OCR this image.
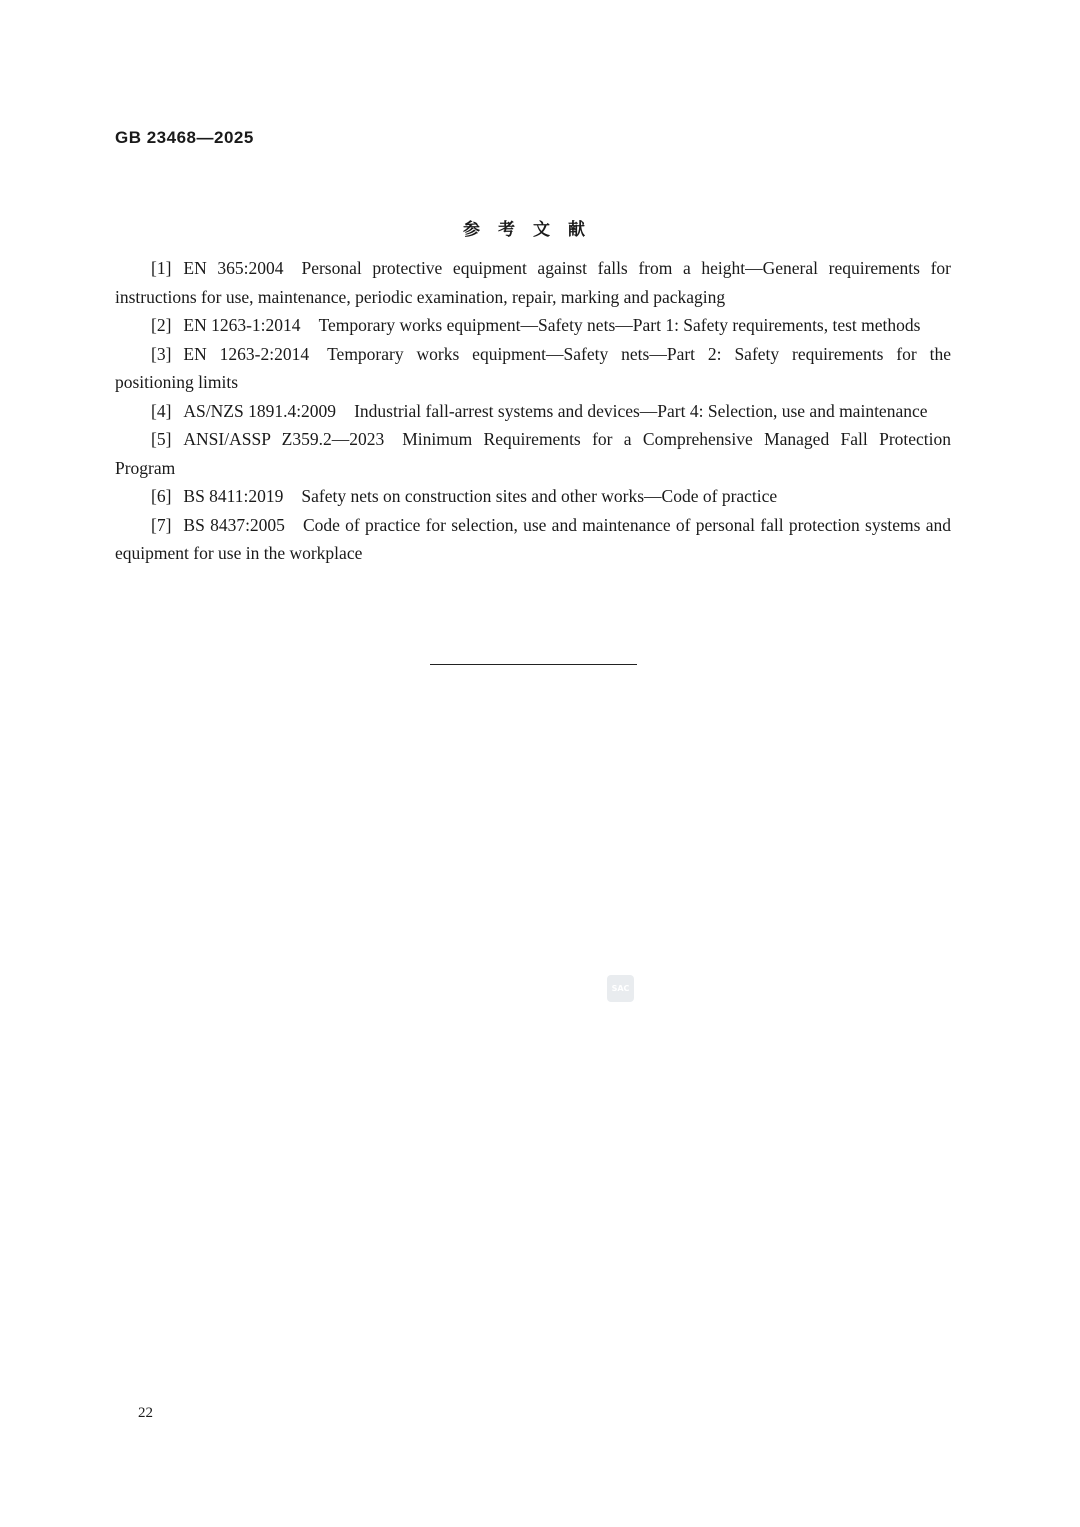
GB 23468—2025
参考文献

[1] EN 365:2004 Personal protective equipment against falls from a height—General requirements for instructions for use, maintenance, periodic examination, repair, marking and packaging

[2] EN 1263-1:2014 Temporary works equipment—Safety nets—Part 1: Safety requirements, test methods

[3] EN 1263-2:2014 Temporary works equipment—Safety nets—Part 2: Safety requirements for the positioning limits

[4] AS/NZS 1891.4:2009 Industrial fall-arrest systems and devices—Part 4: Selection, use and maintenance

[5] ANSI/ASSP Z359.2—2023 Minimum Requirements for a Comprehensive Managed Fall Protection Program

[6] BS 8411:2019 Safety nets on construction sites and other works—Code of practice

[7] BS 8437:2005 Code of practice for selection, use and maintenance of personal fall protection systems and equipment for use in the workplace

SAC
22
